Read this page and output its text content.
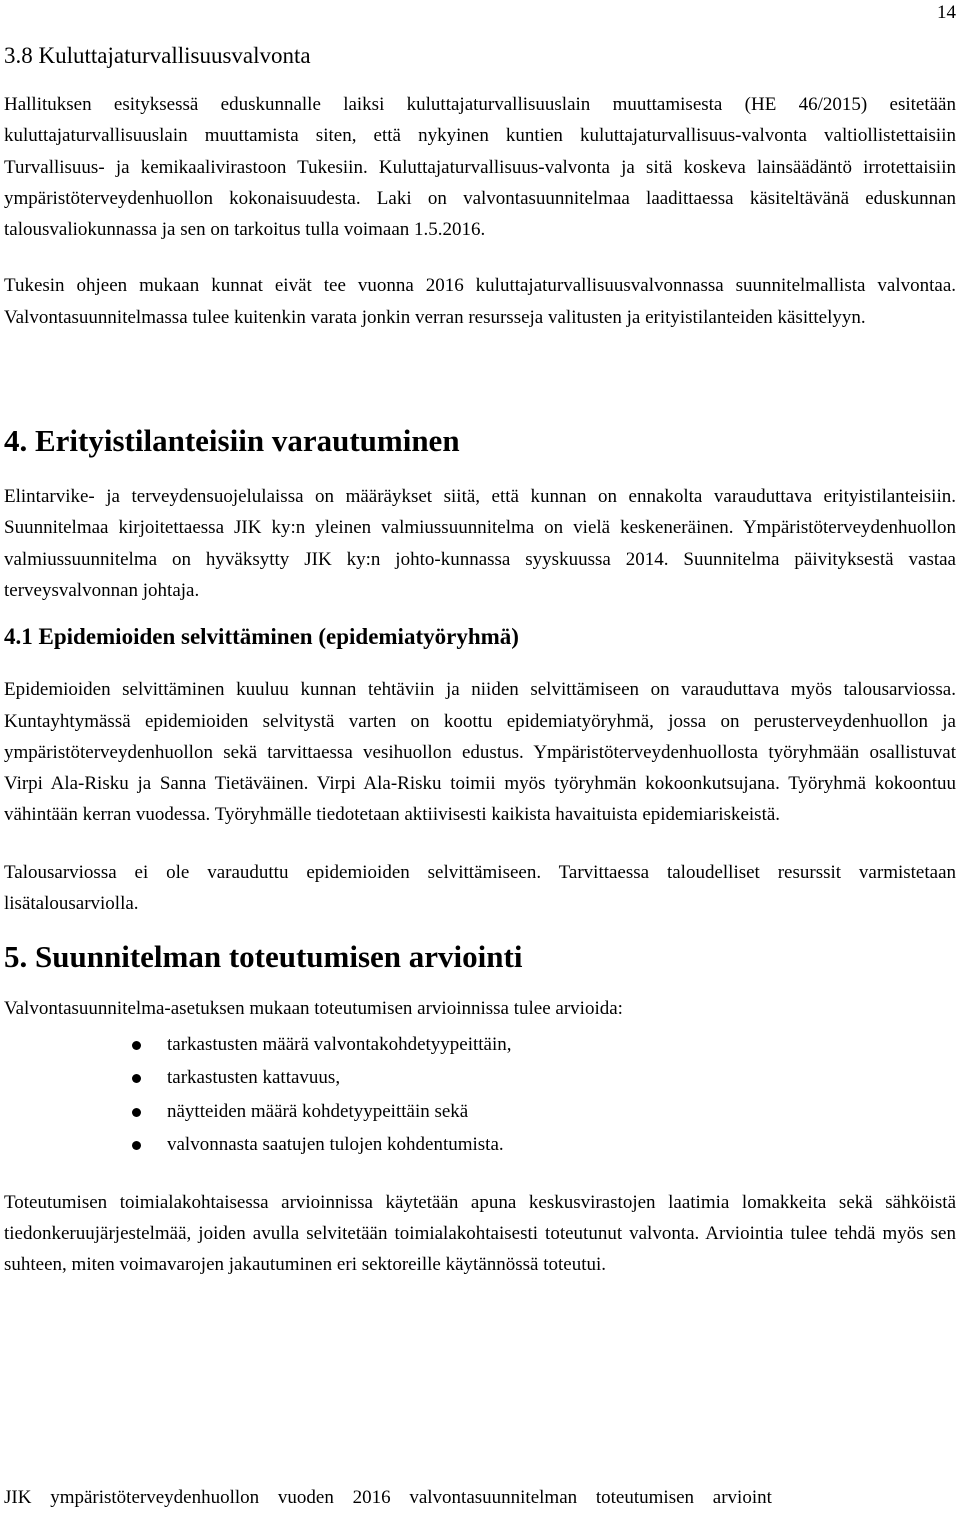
14
3.8 Kuluttajaturvallisuusvalvonta

Hallituksen esityksessä eduskunnalle laiksi kuluttajaturvallisuuslain muuttamisesta (HE 46/2015) esitetään kuluttajaturvallisuuslain muuttamista siten, että nykyinen kuntien kuluttajaturvallisuus-valvonta valtiollistettaisiin Turvallisuus- ja kemikaalivirastoon Tukesiin. Kuluttajaturvallisuus-valvonta ja sitä koskeva lainsäädäntö irrotettaisiin ympäristöterveydenhuollon kokonaisuudesta. Laki on valvontasuunnitelmaa laadittaessa käsiteltävänä eduskunnan talousvaliokunnassa ja sen on tarkoitus tulla voimaan 1.5.2016.

Tukesin ohjeen mukaan kunnat eivät tee vuonna 2016 kuluttajaturvallisuusvalvonnassa suunnitelmallista valvontaa. Valvontasuunnitelmassa tulee kuitenkin varata jonkin verran resursseja valitusten ja erityistilanteiden käsittelyyn.

4. Erityistilanteisiin varautuminen

Elintarvike- ja terveydensuojelulaissa on määräykset siitä, että kunnan on ennakolta varauduttava erityistilanteisiin. Suunnitelmaa kirjoitettaessa JIK ky:n yleinen valmiussuunnitelma on vielä keskeneräinen. Ympäristöterveydenhuollon valmiussuunnitelma on hyväksytty JIK ky:n johto-kunnassa syyskuussa 2014. Suunnitelma päivityksestä vastaa terveysvalvonnan johtaja.

4.1 Epidemioiden selvittäminen (epidemiatyöryhmä)

Epidemioiden selvittäminen kuuluu kunnan tehtäviin ja niiden selvittämiseen on varauduttava myös talousarviossa. Kuntayhtymässä epidemioiden selvitystä varten on koottu epidemiatyöryhmä, jossa on perusterveydenhuollon ja ympäristöterveydenhuollon sekä tarvittaessa vesihuollon edustus. Ympäristöterveydenhuollosta työryhmään osallistuvat Virpi Ala-Risku ja Sanna Tietäväinen. Virpi Ala-Risku toimii myös työryhmän kokoonkutsujana. Työryhmä kokoontuu vähintään kerran vuodessa. Työryhmälle tiedotetaan aktiivisesti kaikista havaituista epidemiariskeistä.

Talousarviossa ei ole varauduttu epidemioiden selvittämiseen. Tarvittaessa taloudelliset resurssit varmistetaan lisätalousarviolla.

5. Suunnitelman toteutumisen arviointi

Valvontasuunnitelma-asetuksen mukaan toteutumisen arvioinnissa tulee arvioida:

tarkastusten määrä valvontakohdetyypeittäin,
tarkastusten kattavuus,
näytteiden määrä kohdetyypeittäin sekä
valvonnasta saatujen tulojen kohdentumista.

Toteutumisen toimialakohtaisessa arvioinnissa käytetään apuna keskusvirastojen laatimia lomakkeita sekä sähköistä tiedonkeruujärjestelmää, joiden avulla selvitetään toimialakohtaisesti toteutunut valvonta. Arviointia tulee tehdä myös sen suhteen, miten voimavarojen jakautuminen eri sektoreille käytännössä toteutui.

JIK ympäristöterveydenhuollon vuoden 2016 valvontasuunnitelman toteutumisen arvioint
